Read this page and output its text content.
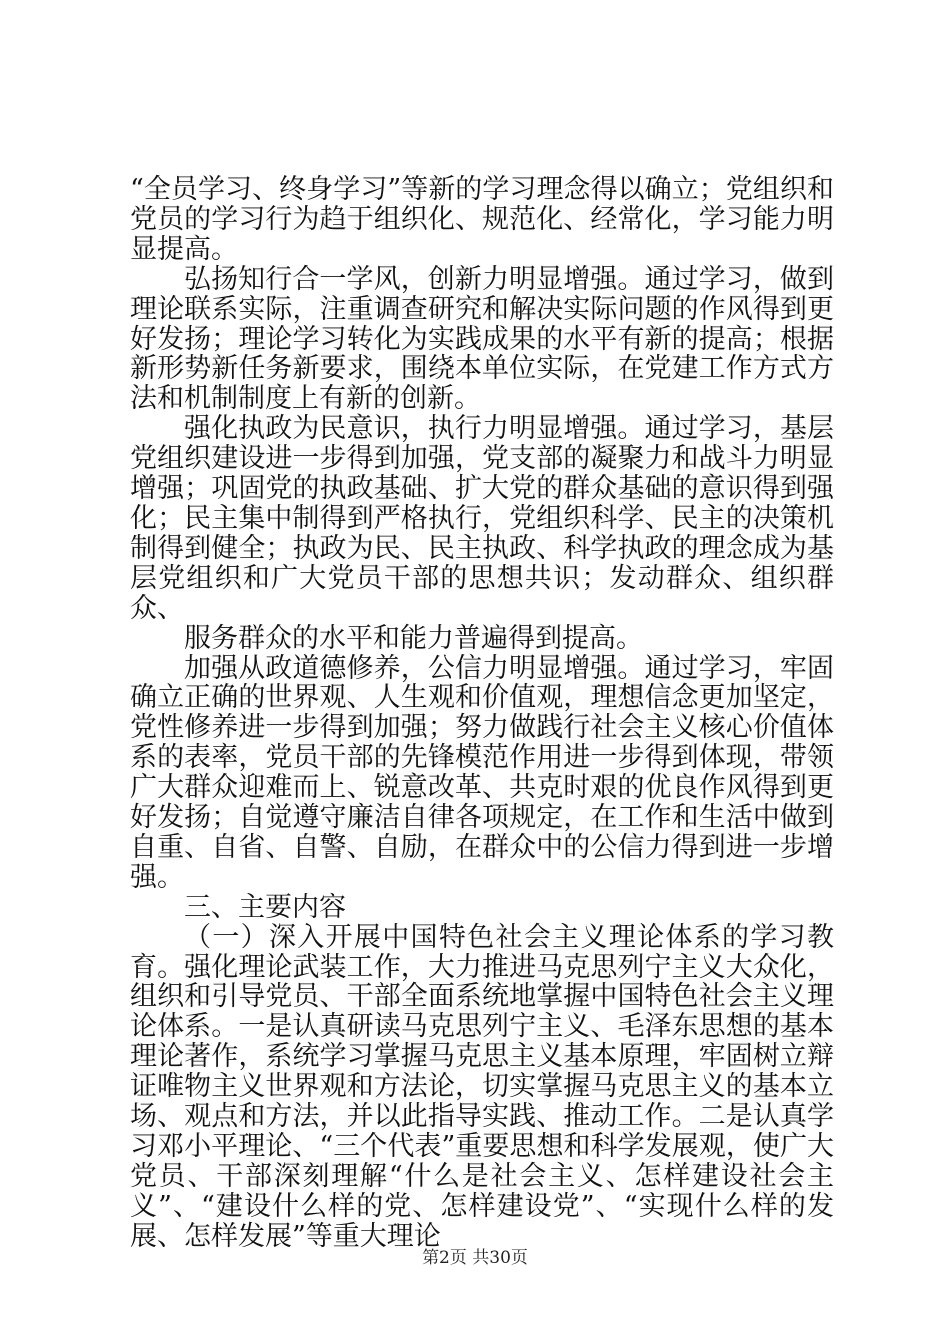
“全员学习、终身学习”等新的学习理念得以确立；党组织和党员的学习行为趋于组织化、规范化、经常化，学习能力明显提高。

弘扬知行合一学风，创新力明显增强。通过学习，做到理论联系实际，注重调查研究和解决实际问题的作风得到更好发扬；理论学习转化为实践成果的水平有新的提高；根据新形势新任务新要求，围绕本单位实际，在党建工作方式方法和机制制度上有新的创新。

强化执政为民意识，执行力明显增强。通过学习，基层党组织建设进一步得到加强，党支部的凝聚力和战斗力明显增强；巩固党的执政基础、扩大党的群众基础的意识得到强化；民主集中制得到严格执行，党组织科学、民主的决策机制得到健全；执政为民、民主执政、科学执政的理念成为基层党组织和广大党员干部的思想共识；发动群众、组织群众、

服务群众的水平和能力普遍得到提高。

加强从政道德修养，公信力明显增强。通过学习，牢固确立正确的世界观、人生观和价值观，理想信念更加坚定，党性修养进一步得到加强；努力做践行社会主义核心价值体系的表率，党员干部的先锋模范作用进一步得到体现，带领广大群众迎难而上、锐意改革、共克时艰的优良作风得到更好发扬；自觉遵守廉洁自律各项规定，在工作和生活中做到自重、自省、自警、自励，在群众中的公信力得到进一步增强。

三、主要内容

（一）深入开展中国特色社会主义理论体系的学习教育。强化理论武装工作，大力推进马克思列宁主义大众化，组织和引导党员、干部全面系统地掌握中国特色社会主义理论体系。一是认真研读马克思列宁主义、毛泽东思想的基本理论著作，系统学习掌握马克思主义基本原理，牢固树立辩证唯物主义世界观和方法论，切实掌握马克思主义的基本立场、观点和方法，并以此指导实践、推动工作。二是认真学习邓小平理论、“三个代表”重要思想和科学发展观，使广大党员、干部深刻理解“什么是社会主义、怎样建设社会主义”、“建设什么样的党、怎样建设党”、“实现什么样的发展、怎样发展”等重大理论

第2页 共30页
